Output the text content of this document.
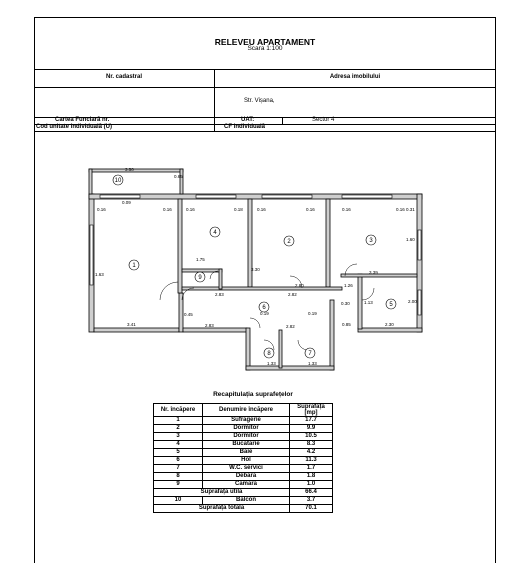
RELEVEU APARTAMENT
Scara 1:100
Nr. cadastral	Adresa imobilului
Str. Vișana,
Cartea Funciară nr.	UAT:	Sector 4
Cod unitate individuală (U)	CF individuală
1
2	3
4
5
6
7
8
9
10
3.50
0.65
0.16
0.09
0.16	0.16	0.18	0.16	0.16	0.16	0.16 0.31
1.75
2.83
2.80
2.82
1.26
3.39
0.30
2.30
3.41	2.83
0.19
2.82
0.19
0.85
3.30
1.33	1.33
1.63
1.60
2.00
1.13
0.45
Recapitulația suprafețelor
Nr. încăpere	Denumire încăpere	Suprafața [mp]
1	Sufragerie	17.7
2	Dormitor	9.9
3	Dormitor	10.5
4	Bucătărie	8.3
5	Baie	4.2
6	Hol	11.3
7	W.C. servici	1.7
8	Debara	1.8
9	Cămară	1.0
Suprafața utilă		66.4
10	Balcon	3.7
Suprafața totală		70.1
